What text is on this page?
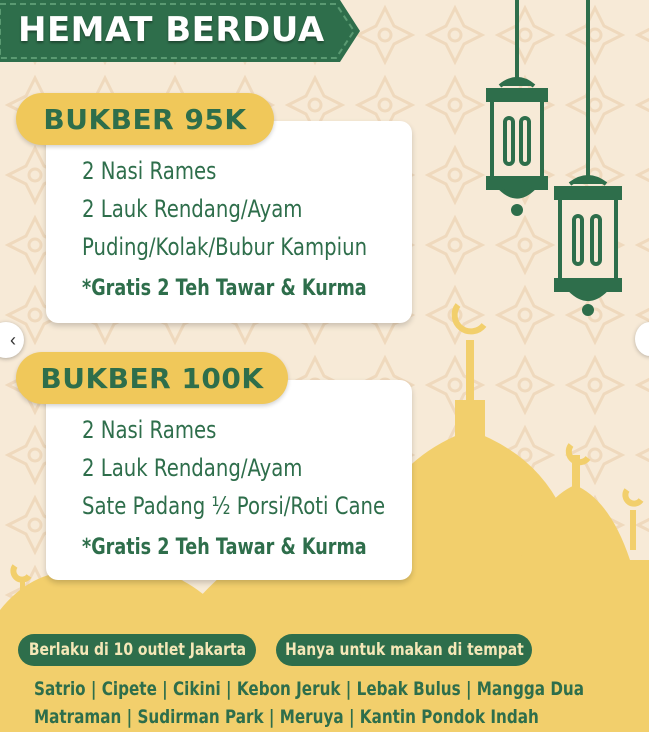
HEMAT BERDUA
2 Nasi Rames
2 Lauk Rendang/Ayam
Puding/Kolak/Bubur Kampiun
*Gratis 2 Teh Tawar & Kurma
BUKBER 95K
2 Nasi Rames
2 Lauk Rendang/Ayam
Sate Padang ½ Porsi/Roti Cane
*Gratis 2 Teh Tawar & Kurma
BUKBER 100K
Berlaku di 10 outlet Jakarta Hanya untuk makan di tempat
Satrio | Cipete | Cikini | Kebon Jeruk | Lebak Bulus | Mangga Dua
Matraman | Sudirman Park | Meruya | Kantin Pondok Indah
‹
